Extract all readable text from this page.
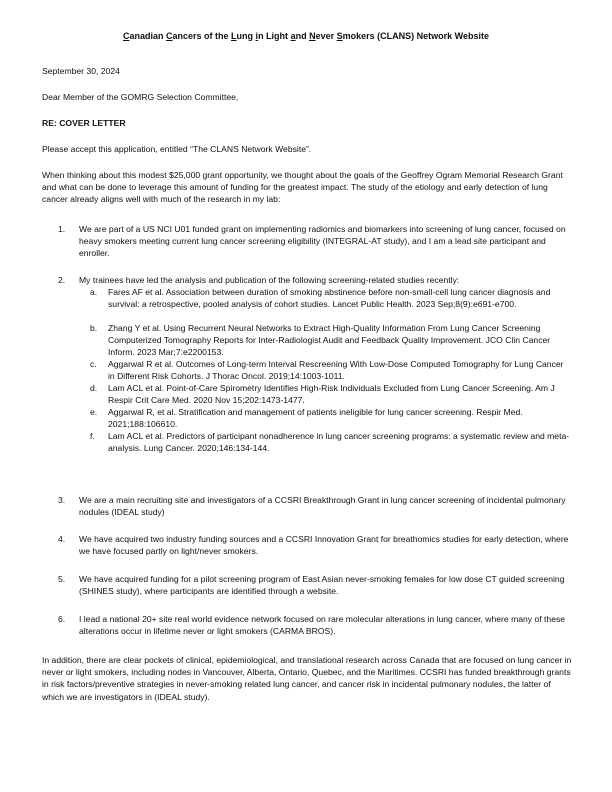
Canadian Cancers of the Lung in Light and Never Smokers (CLANS) Network Website
September 30, 2024
Dear Member of the GOMRG Selection Committee,
RE: COVER LETTER
Please accept this application, entitled “The CLANS Network Website”.
When thinking about this modest $25,000 grant opportunity, we thought about the goals of the Geoffrey Ogram Memorial Research Grant and what can be done to leverage this amount of funding for the greatest impact. The study of the etiology and early detection of lung cancer already aligns well with much of the research in my lab:
1. We are part of a US NCI U01 funded grant on implementing radiomics and biomarkers into screening of lung cancer, focused on heavy smokers meeting current lung cancer screening eligibility (INTEGRAL-AT study), and I am a lead site participant and enroller.
2. My trainees have led the analysis and publication of the following screening-related studies recently:
a. Fares AF et al. Association between duration of smoking abstinence before non-small-cell lung cancer diagnosis and survival: a retrospective, pooled analysis of cohort studies. Lancet Public Health. 2023 Sep;8(9):e691-e700.
b. Zhang Y et al. Using Recurrent Neural Networks to Extract High-Quality Information From Lung Cancer Screening Computerized Tomography Reports for Inter-Radiologist Audit and Feedback Quality Improvement. JCO Clin Cancer Inform. 2023 Mar;7:e2200153.
c. Aggarwal R et al. Outcomes of Long-term Interval Rescreening With Low-Dose Computed Tomography for Lung Cancer in Different Risk Cohorts. J Thorac Oncol. 2019;14:1003-1011.
d. Lam ACL et al. Point-of-Care Spirometry Identifies High-Risk Individuals Excluded from Lung Cancer Screening. Am J Respir Crit Care Med. 2020 Nov 15;202:1473-1477.
e. Aggarwal R, et al. Stratification and management of patients ineligible for lung cancer screening. Respir Med. 2021;188:106610.
f. Lam ACL et al. Predictors of participant nonadherence in lung cancer screening programs: a systematic review and meta-analysis. Lung Cancer. 2020;146:134-144.
3. We are a main recruiting site and investigators of a CCSRI Breakthrough Grant in lung cancer screening of incidental pulmonary nodules (IDEAL study)
4. We have acquired two industry funding sources and a CCSRI Innovation Grant for breathomics studies for early detection, where we have focused partly on light/never smokers.
5. We have acquired funding for a pilot screening program of East Asian never-smoking females for low dose CT guided screening (SHINES study), where participants are identified through a website.
6. I lead a national 20+ site real world evidence network focused on rare molecular alterations in lung cancer, where many of these alterations occur in lifetime never or light smokers (CARMA BROS).
In addition, there are clear pockets of clinical, epidemiological, and translational research across Canada that are focused on lung cancer in never or light smokers, including nodes in Vancouver, Alberta, Ontario, Quebec, and the Maritimes. CCSRI has funded breakthrough grants in risk factors/preventive strategies in never-smoking related lung cancer, and cancer risk in incidental pulmonary nodules, the latter of which we are investigators in (IDEAL study).
